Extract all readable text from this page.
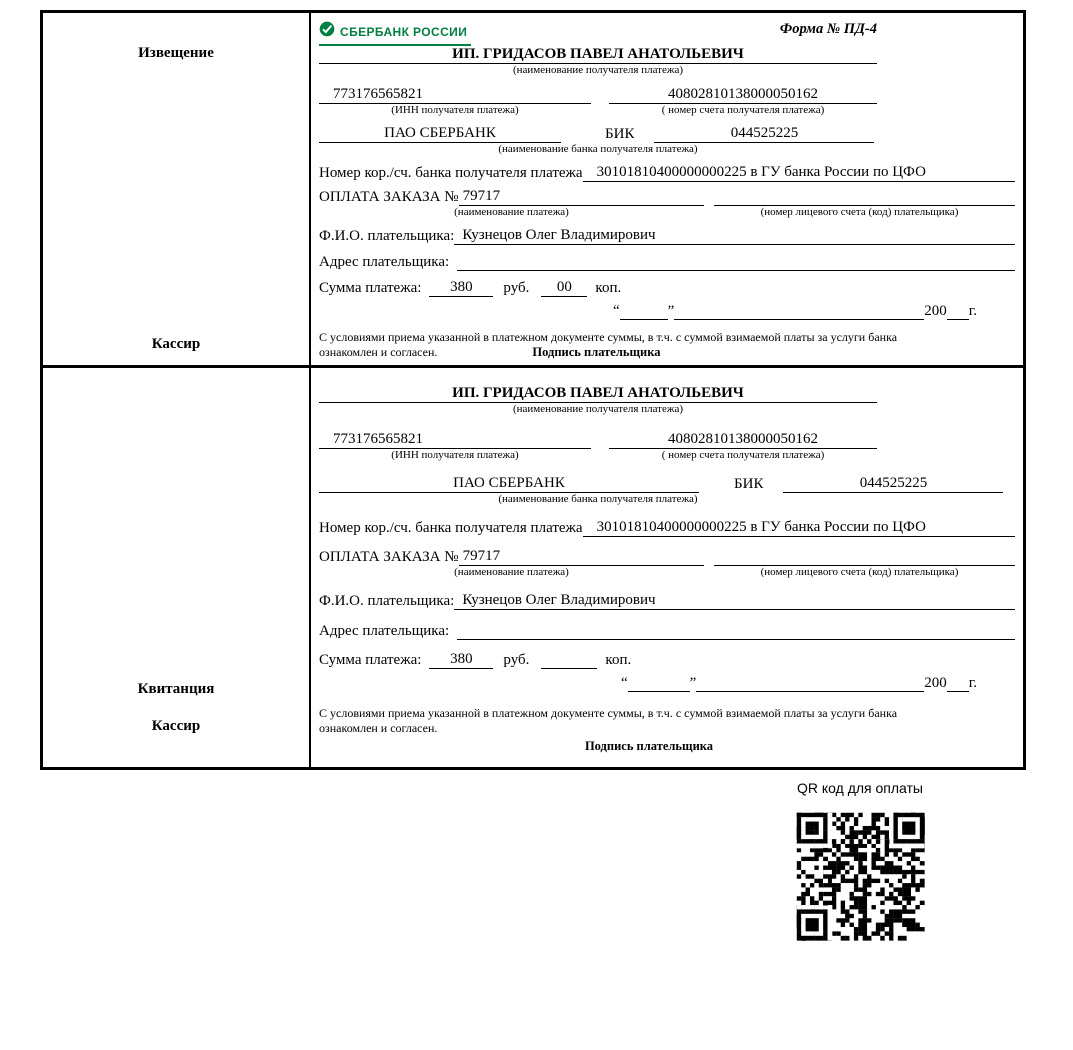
Извещение
Кассир
СБЕРБАНК РОССИИ	Форма № ПД-4
ИП. ГРИДАСОВ ПАВЕЛ АНАТОЛЬЕВИЧ
(наименование получателя платежа)
773176565821	40802810138000050162
(ИНН получателя платежа)	( номер счета получателя платежа)
ПАО СБЕРБАНК	БИК	044525225
(наименование банка получателя платежа)
Номер кор./сч. банка получателя платежа 30101810400000000225 в ГУ банка России по ЦФО
ОПЛАТА ЗАКАЗА № 79717
(наименование платежа)	(номер лицевого счета (код) плательщика)
Ф.И.О. плательщика: Кузнецов Олег Владимирович
Адрес плательщика:
Сумма платежа:	380	руб.	00	коп.
“	”	200 г.
С условиями приема указанной в платежном документе суммы, в т.ч. с суммой взимаемой платы за услуги банка
ознакомлен и согласен.	Подпись плательщика
Квитанция
Кассир
ИП. ГРИДАСОВ ПАВЕЛ АНАТОЛЬЕВИЧ
(наименование получателя платежа)
773176565821	40802810138000050162
(ИНН получателя платежа)	( номер счета получателя платежа)
ПАО СБЕРБАНК	БИК	044525225
(наименование банка получателя платежа)
Номер кор./сч. банка получателя платежа 30101810400000000225 в ГУ банка России по ЦФО
ОПЛАТА ЗАКАЗА № 79717
(наименование платежа)	(номер лицевого счета (код) плательщика)
Ф.И.О. плательщика: Кузнецов Олег Владимирович
Адрес плательщика:
Сумма платежа:	380	руб.	коп.
“	”	200 г.
С условиями приема указанной в платежном документе суммы, в т.ч. с суммой взимаемой платы за услуги банка
ознакомлен и согласен.
Подпись плательщика
QR код для оплаты
